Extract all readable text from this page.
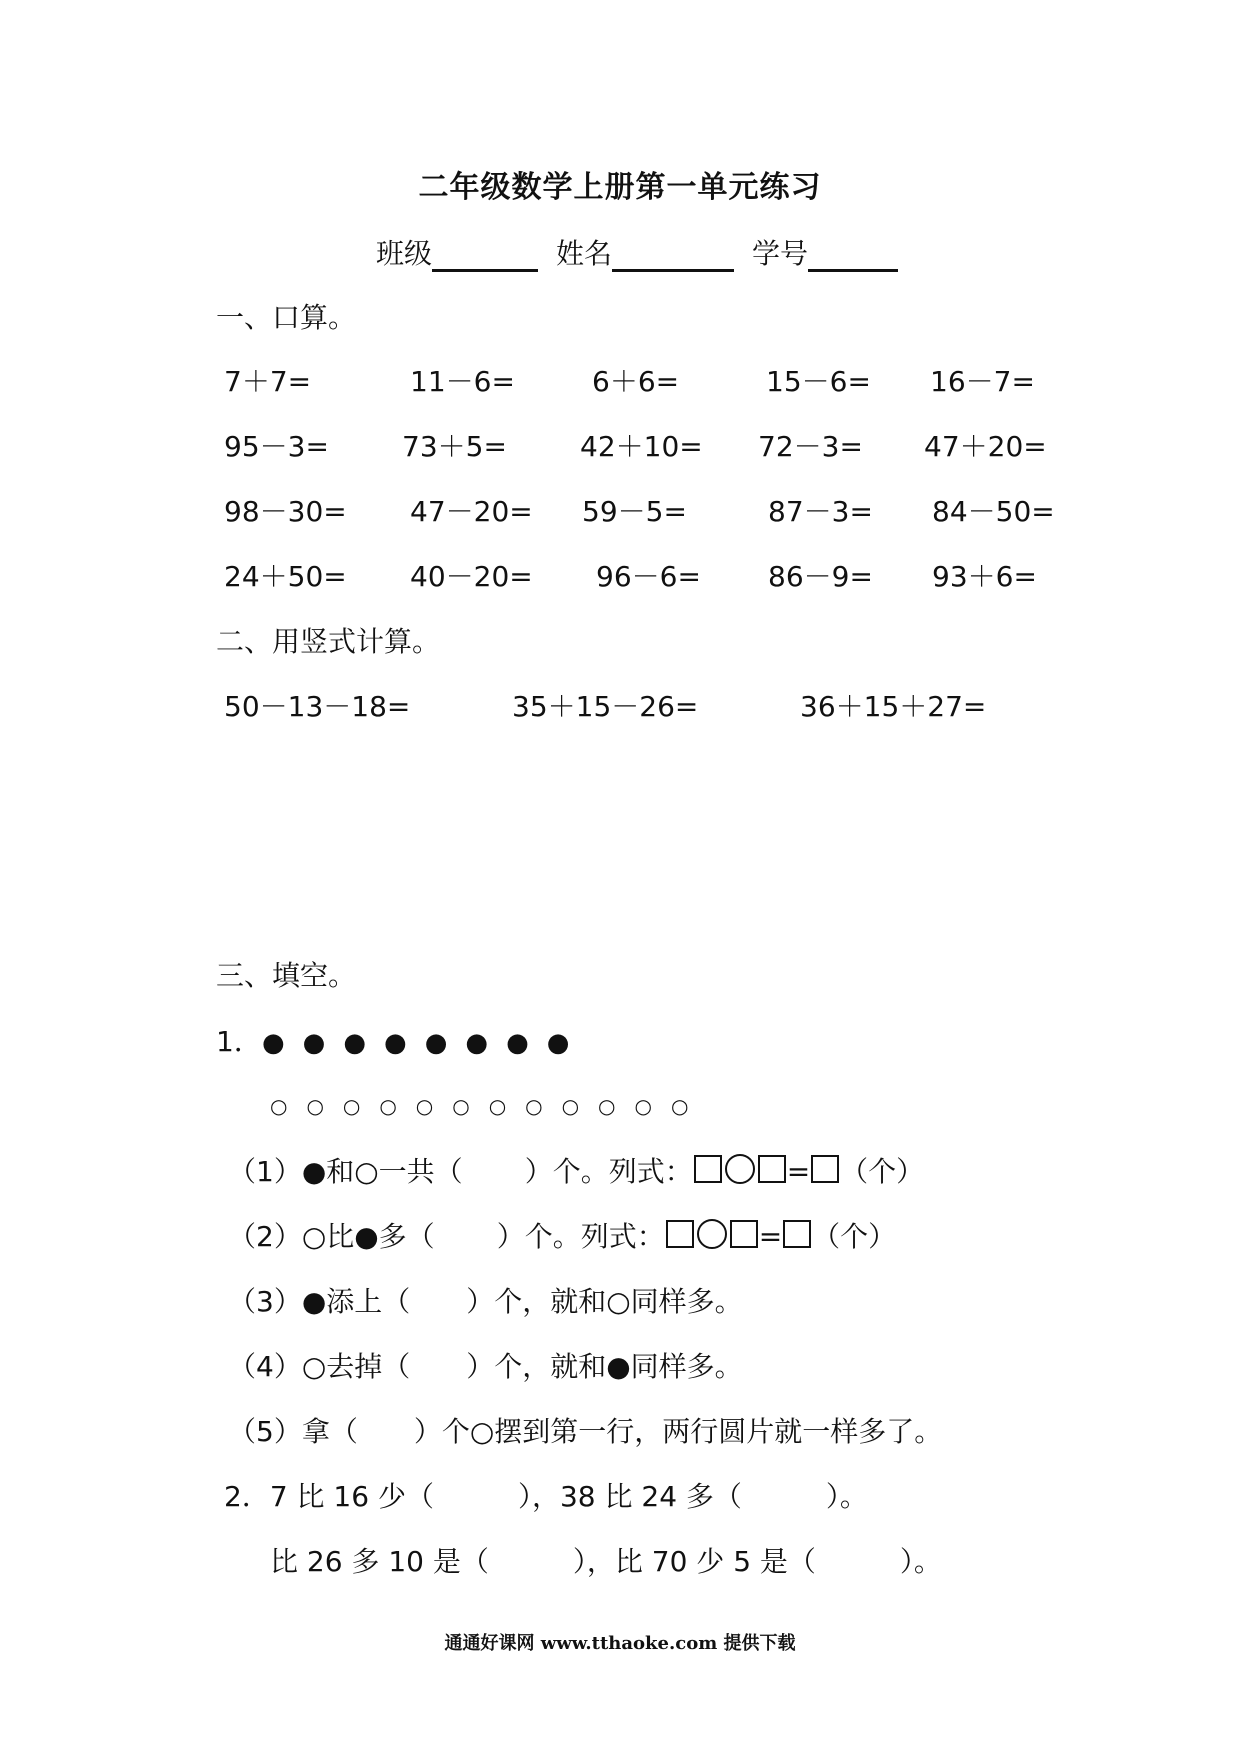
二年级数学上册第一单元练习
班级	姓名	学号
一、口算。
7＋7=	11－6=	6＋6=	15－6= 16－7=
95－3=	73＋5=	42＋10= 72－3= 47＋20=
98－30= 47－20= 59－5=	87－3= 84－50=
24＋50= 40－20= 96－6= 86－9= 93＋6=
二、用竖式计算。
50－13－18=	35＋15－26=	36＋15＋27=
三、填空。
1． ●●●●●●●●
○○○○○○○○○○○○
（1）●和○一共（ ）个。列式：	= （个）
（2）○比●多（ ）个。列式：	= （个）
（3）●添上（　　）个，就和○同样多。
（4）○去掉（　　）个，就和●同样多。
（5）拿（　　）个○摆到第一行，两行圆片就一样多了。
2．7 比 16 少（　　　），38 比 24 多（　　　）。
比 26 多 10 是（　　　），比 70 少 5 是（　　　）。
通通好课网 www.tthaoke.com 提供下载
